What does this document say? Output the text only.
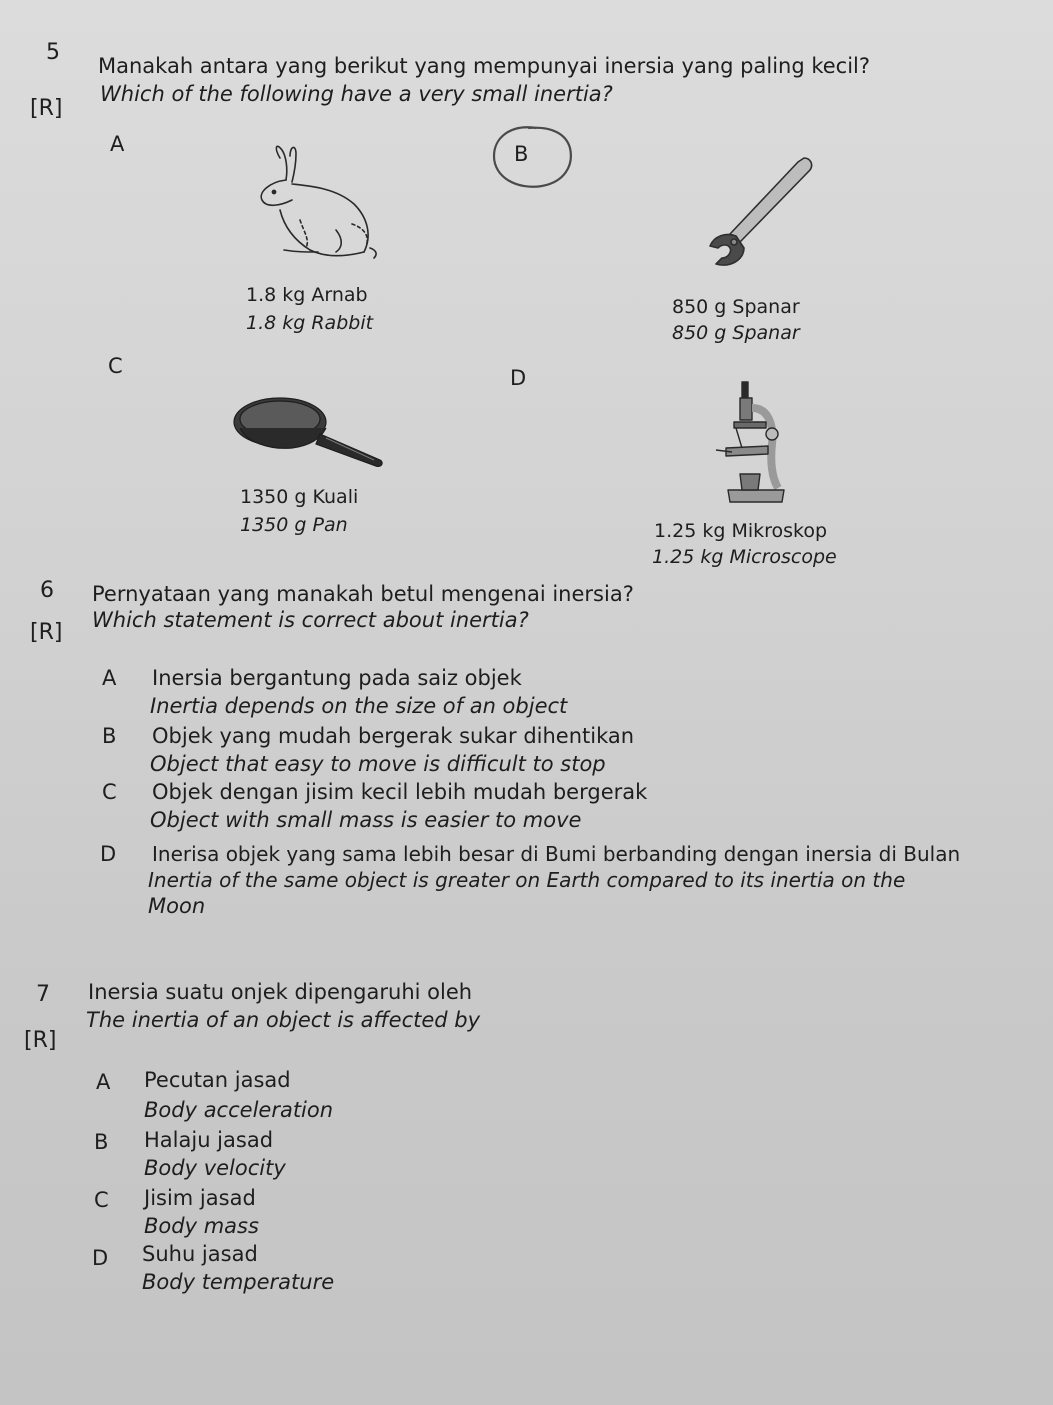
5
Manakah antara yang berikut yang mempunyai inersia yang paling kecil?
Which of the following have a very small inertia?
[R]
A
1.8 kg Arnab
1.8 kg Rabbit
B
850 g Spanar
850 g Spanar
C
1350 g Kuali
1350 g Pan
D
1.25 kg Mikroskop
1.25 kg Microscope
6 Pernyataan yang manakah betul mengenai inersia?
Which statement is correct about inertia?
[R]
A Inersia bergantung pada saiz objek
Inertia depends on the size of an object
B Objek yang mudah bergerak sukar dihentikan
Object that easy to move is difficult to stop
C Objek dengan jisim kecil lebih mudah bergerak
Object with small mass is easier to move
D Inerisa objek yang sama lebih besar di Bumi berbanding dengan inersia di Bulan
Inertia of the same object is greater on Earth compared to its inertia on the
Moon
7 Inersia suatu onjek dipengaruhi oleh
The inertia of an object is affected by
[R]
A Pecutan jasad
Body acceleration
B Halaju jasad
Body velocity
C Jisim jasad
Body mass
D Suhu jasad
Body temperature
